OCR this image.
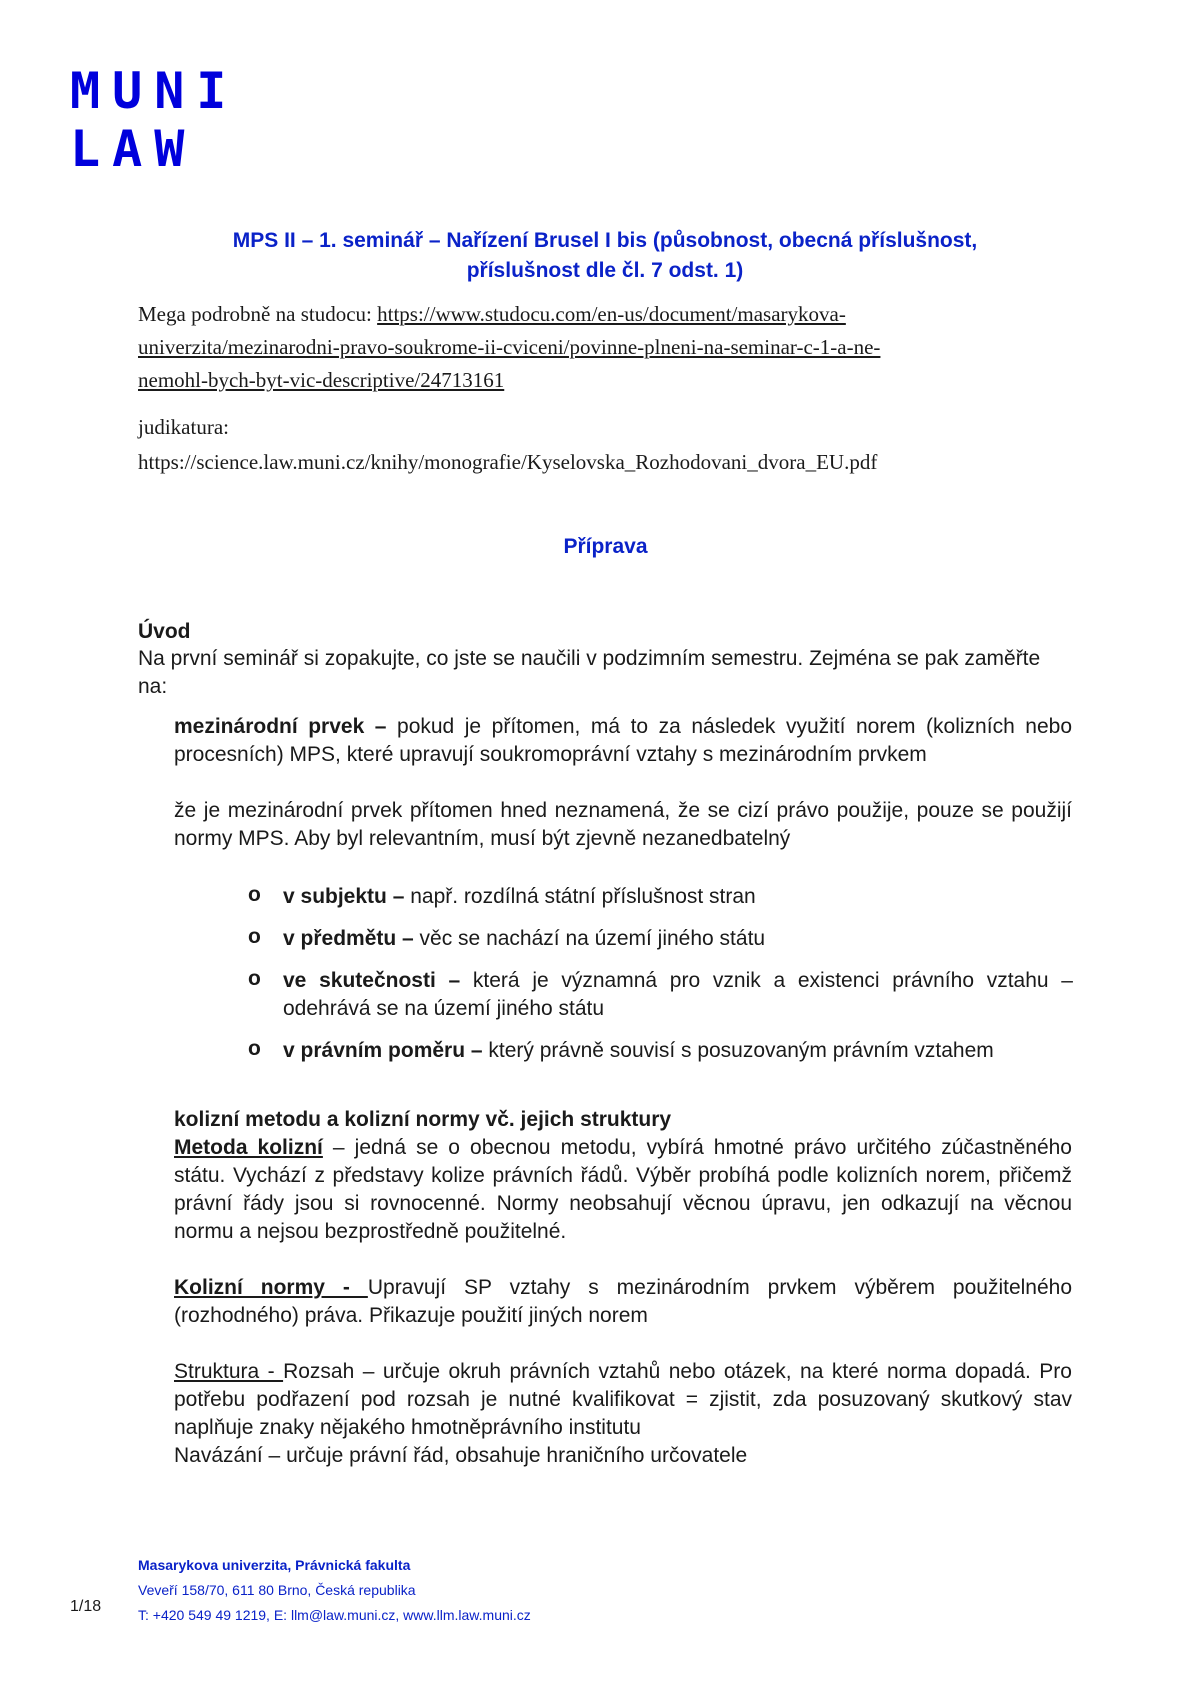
MUNI
LAW
MPS II – 1. seminář – Nařízení Brusel I bis (působnost, obecná příslušnost,
příslušnost dle čl. 7 odst. 1)
Mega podrobně na studocu: https://www.studocu.com/en-us/document/masarykova-
univerzita/mezinarodni-pravo-soukrome-ii-cviceni/povinne-plneni-na-seminar-c-1-a-ne-
nemohl-bych-byt-vic-descriptive/24713161
judikatura:
https://science.law.muni.cz/knihy/monografie/Kyselovska_Rozhodovani_dvora_EU.pdf
Příprava
Úvod
Na první seminář si zopakujte, co jste se naučili v podzimním semestru. Zejména se pak zaměřte na:
mezinárodní prvek – pokud je přítomen, má to za následek využití norem (kolizních nebo procesních) MPS, které upravují soukromoprávní vztahy s mezinárodním prvkem
že je mezinárodní prvek přítomen hned neznamená, že se cizí právo použije, pouze se použijí normy MPS. Aby byl relevantním, musí být zjevně nezanedbatelný
o v subjektu – např. rozdílná státní příslušnost stran
o v předmětu – věc se nachází na území jiného státu
o ve skutečnosti – která je významná pro vznik a existenci právního vztahu – odehrává se na území jiného státu
o v právním poměru – který právně souvisí s posuzovaným právním vztahem
kolizní metodu a kolizní normy vč. jejich struktury
Metoda kolizní – jedná se o obecnou metodu, vybírá hmotné právo určitého zúčastněného státu. Vychází z představy kolize právních řádů. Výběr probíhá podle kolizních norem, přičemž právní řády jsou si rovnocenné. Normy neobsahují věcnou úpravu, jen odkazují na věcnou normu a nejsou bezprostředně použitelné.
Kolizní normy - Upravují SP vztahy s mezinárodním prvkem výběrem použitelného (rozhodného) práva. Přikazuje použití jiných norem
Struktura - Rozsah – určuje okruh právních vztahů nebo otázek, na které norma dopadá. Pro potřebu podřazení pod rozsah je nutné kvalifikovat = zjistit, zda posuzovaný skutkový stav naplňuje znaky nějakého hmotněprávního institutu
Navázání – určuje právní řád, obsahuje hraničního určovatele
Masarykova univerzita, Právnická fakulta
Veveří 158/70, 611 80 Brno, Česká republika
T: +420 549 49 1219, E: llm@law.muni.cz, www.llm.law.muni.cz
1/18
